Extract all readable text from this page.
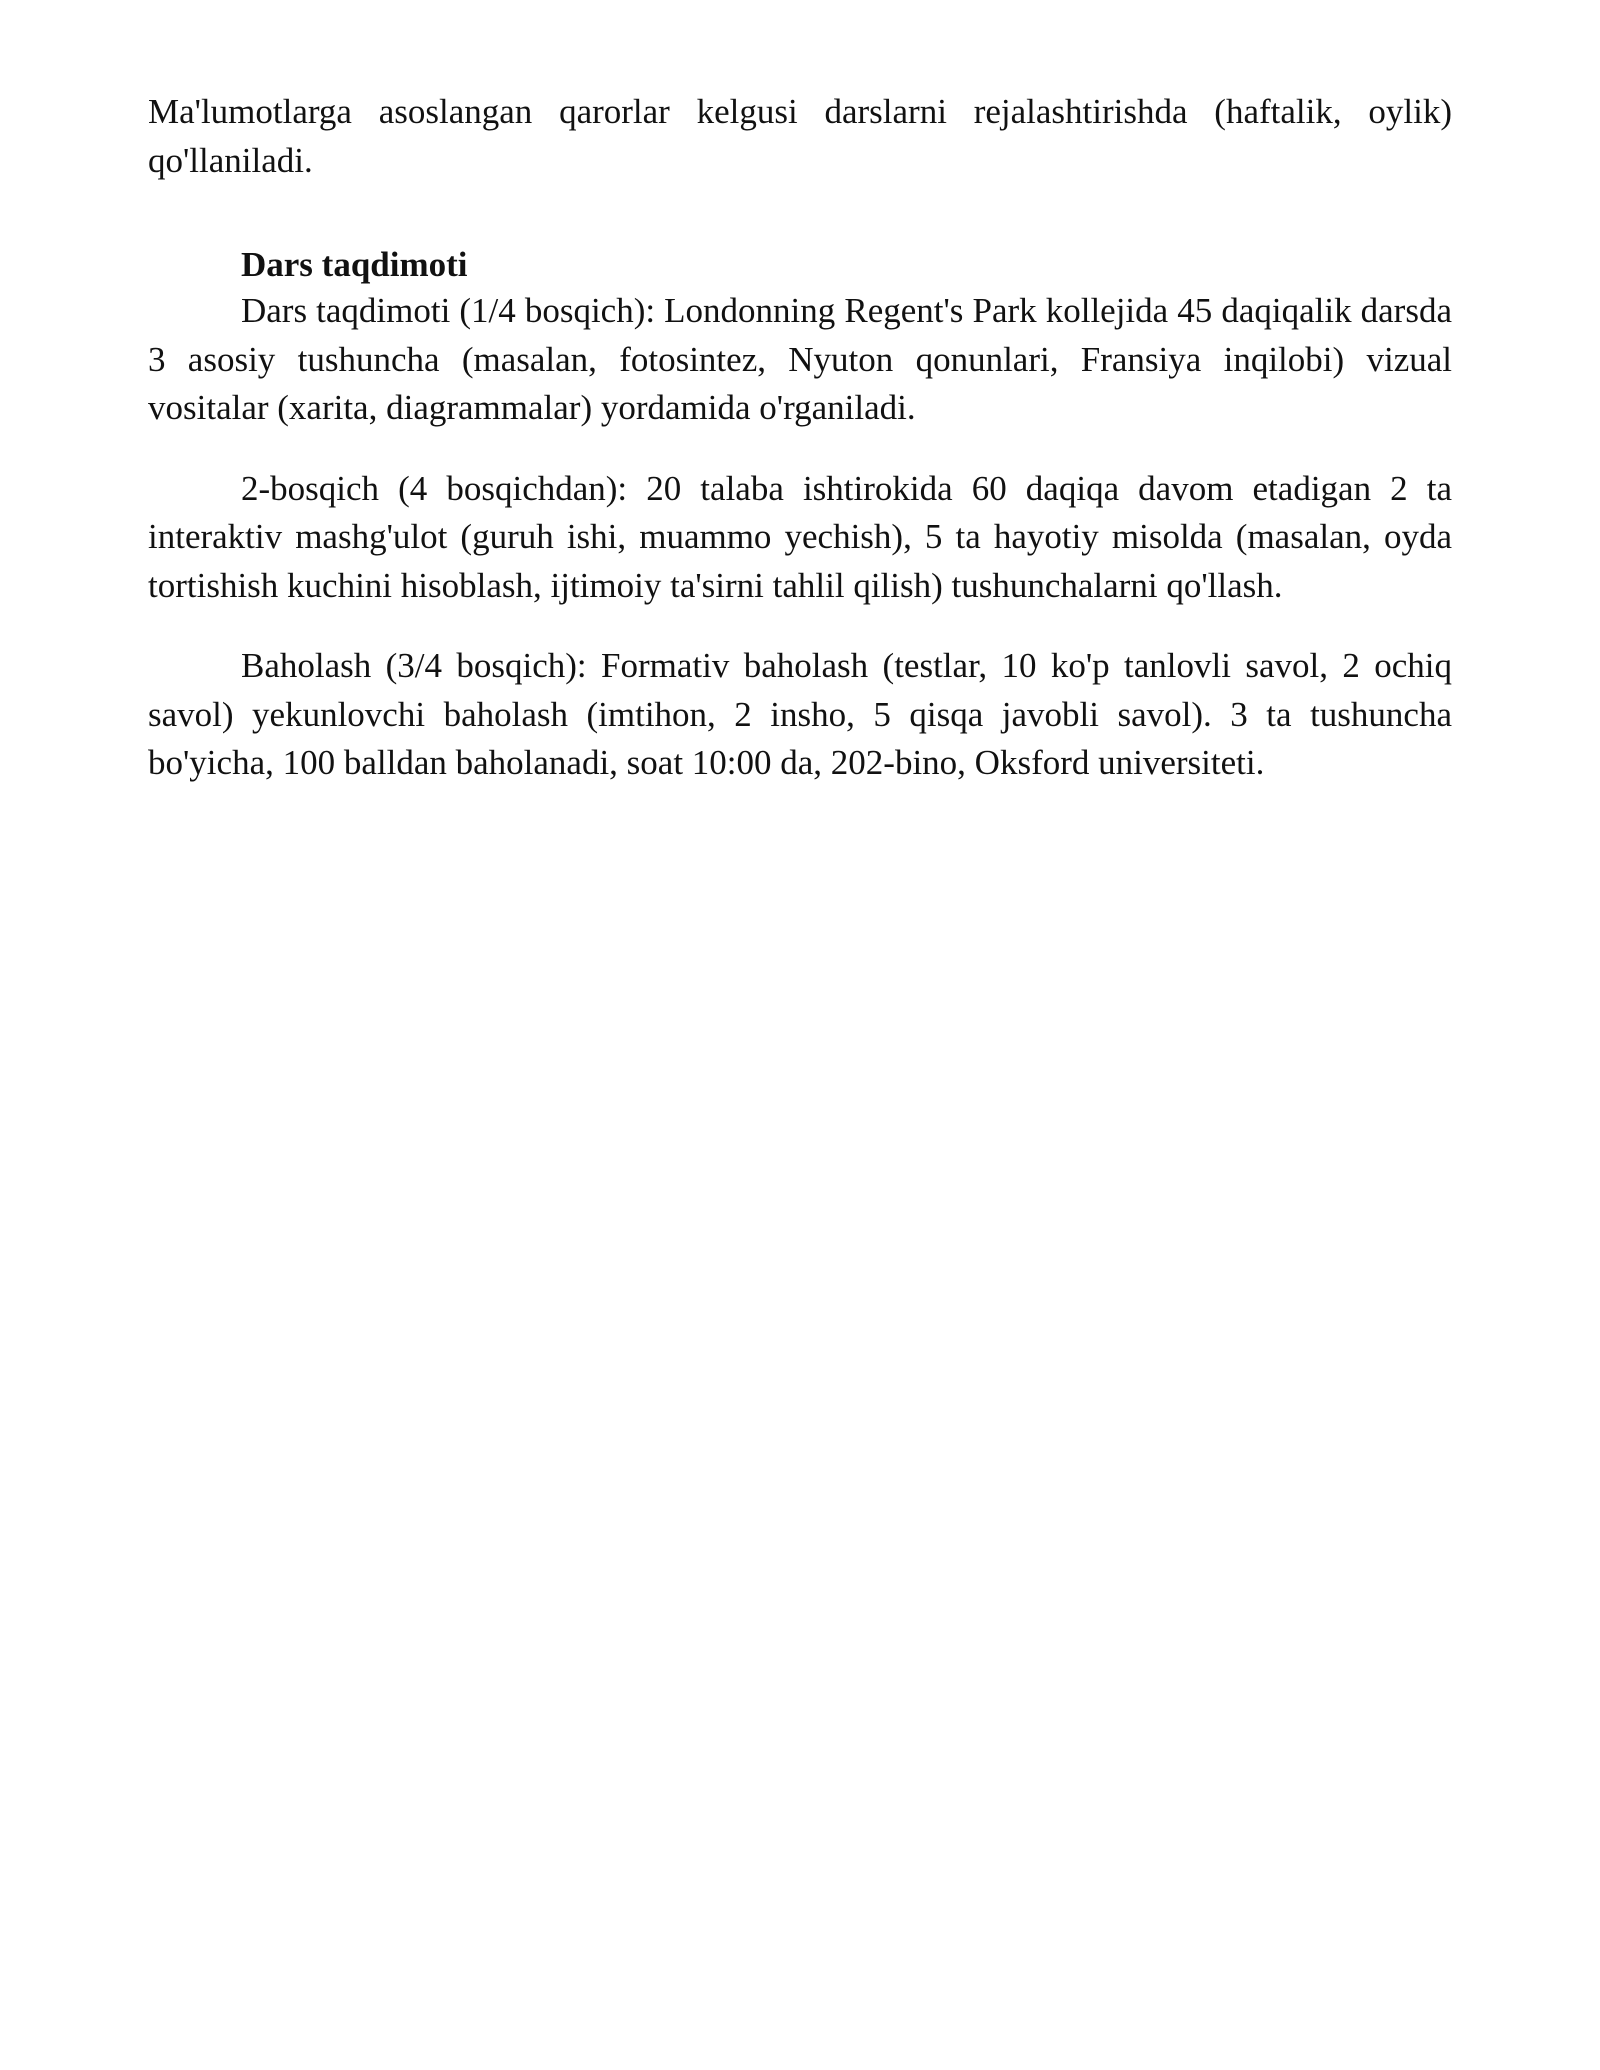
Ma'lumotlarga asoslangan qarorlar kelgusi darslarni rejalashtirishda (haftalik, oylik) qo'llaniladi.

Dars taqdimoti

Dars taqdimoti (1/4 bosqich): Londonning Regent's Park kollejida 45 daqiqalik darsda 3 asosiy tushuncha (masalan, fotosintez, Nyuton qonunlari, Fransiya inqilobi) vizual vositalar (xarita, diagrammalar) yordamida o'rganiladi.

2-bosqich (4 bosqichdan): 20 talaba ishtirokida 60 daqiqa davom etadigan 2 ta interaktiv mashg'ulot (guruh ishi, muammo yechish), 5 ta hayotiy misolda (masalan, oyda tortishish kuchini hisoblash, ijtimoiy ta'sirni tahlil qilish) tushunchalarni qo'llash.

Baholash (3/4 bosqich): Formativ baholash (testlar, 10 ko'p tanlovli savol, 2 ochiq savol) yekunlovchi baholash (imtihon, 2 insho, 5 qisqa javobli savol). 3 ta tushuncha bo'yicha, 100 balldan baholanadi, soat 10:00 da, 202-bino, Oksford universiteti.
